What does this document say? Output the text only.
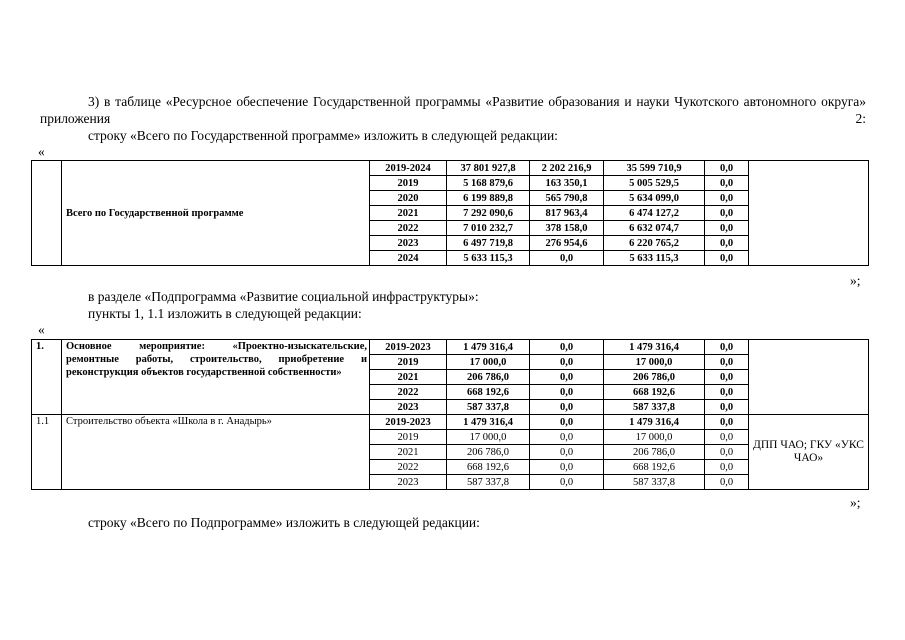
3) в таблице «Ресурсное обеспечение Государственной программы «Развитие образования и науки Чукотского автономного округа» приложения 2:
строку «Всего по Государственной программе» изложить в следующей редакции:
«
	Всего по Государственной программе	2019-2024	37 801 927,8	2 202 216,9	35 599 710,9	0,0	
		2019	5 168 879,6	163 350,1	5 005 529,5	0,0	
		2020	6 199 889,8	565 790,8	5 634 099,0	0,0	
		2021	7 292 090,6	817 963,4	6 474 127,2	0,0	
		2022	7 010 232,7	378 158,0	6 632 074,7	0,0	
		2023	6 497 719,8	276 954,6	6 220 765,2	0,0	
		2024	5 633 115,3	0,0	5 633 115,3	0,0	
»;
в разделе «Подпрограмма «Развитие социальной инфраструктуры»:
пункты 1, 1.1 изложить в следующей редакции:
«
1.	Основное мероприятие: «Проектно-изыскательские, ремонтные работы, строительство, приобретение и реконструкция объектов государственной собственности»	2019-2023	1 479 316,4	0,0	1 479 316,4	0,0	
		2019	17 000,0	0,0	17 000,0	0,0	
		2021	206 786,0	0,0	206 786,0	0,0	
		2022	668 192,6	0,0	668 192,6	0,0	
		2023	587 337,8	0,0	587 337,8	0,0	
1.1	Строительство объекта «Школа в г. Анадырь»	2019-2023	1 479 316,4	0,0	1 479 316,4	0,0	ДПП ЧАО; ГКУ «УКС ЧАО»
		2019	17 000,0	0,0	17 000,0	0,0	
		2021	206 786,0	0,0	206 786,0	0,0	
		2022	668 192,6	0,0	668 192,6	0,0	
		2023	587 337,8	0,0	587 337,8	0,0	
»;
строку «Всего по Подпрограмме» изложить в следующей редакции:
